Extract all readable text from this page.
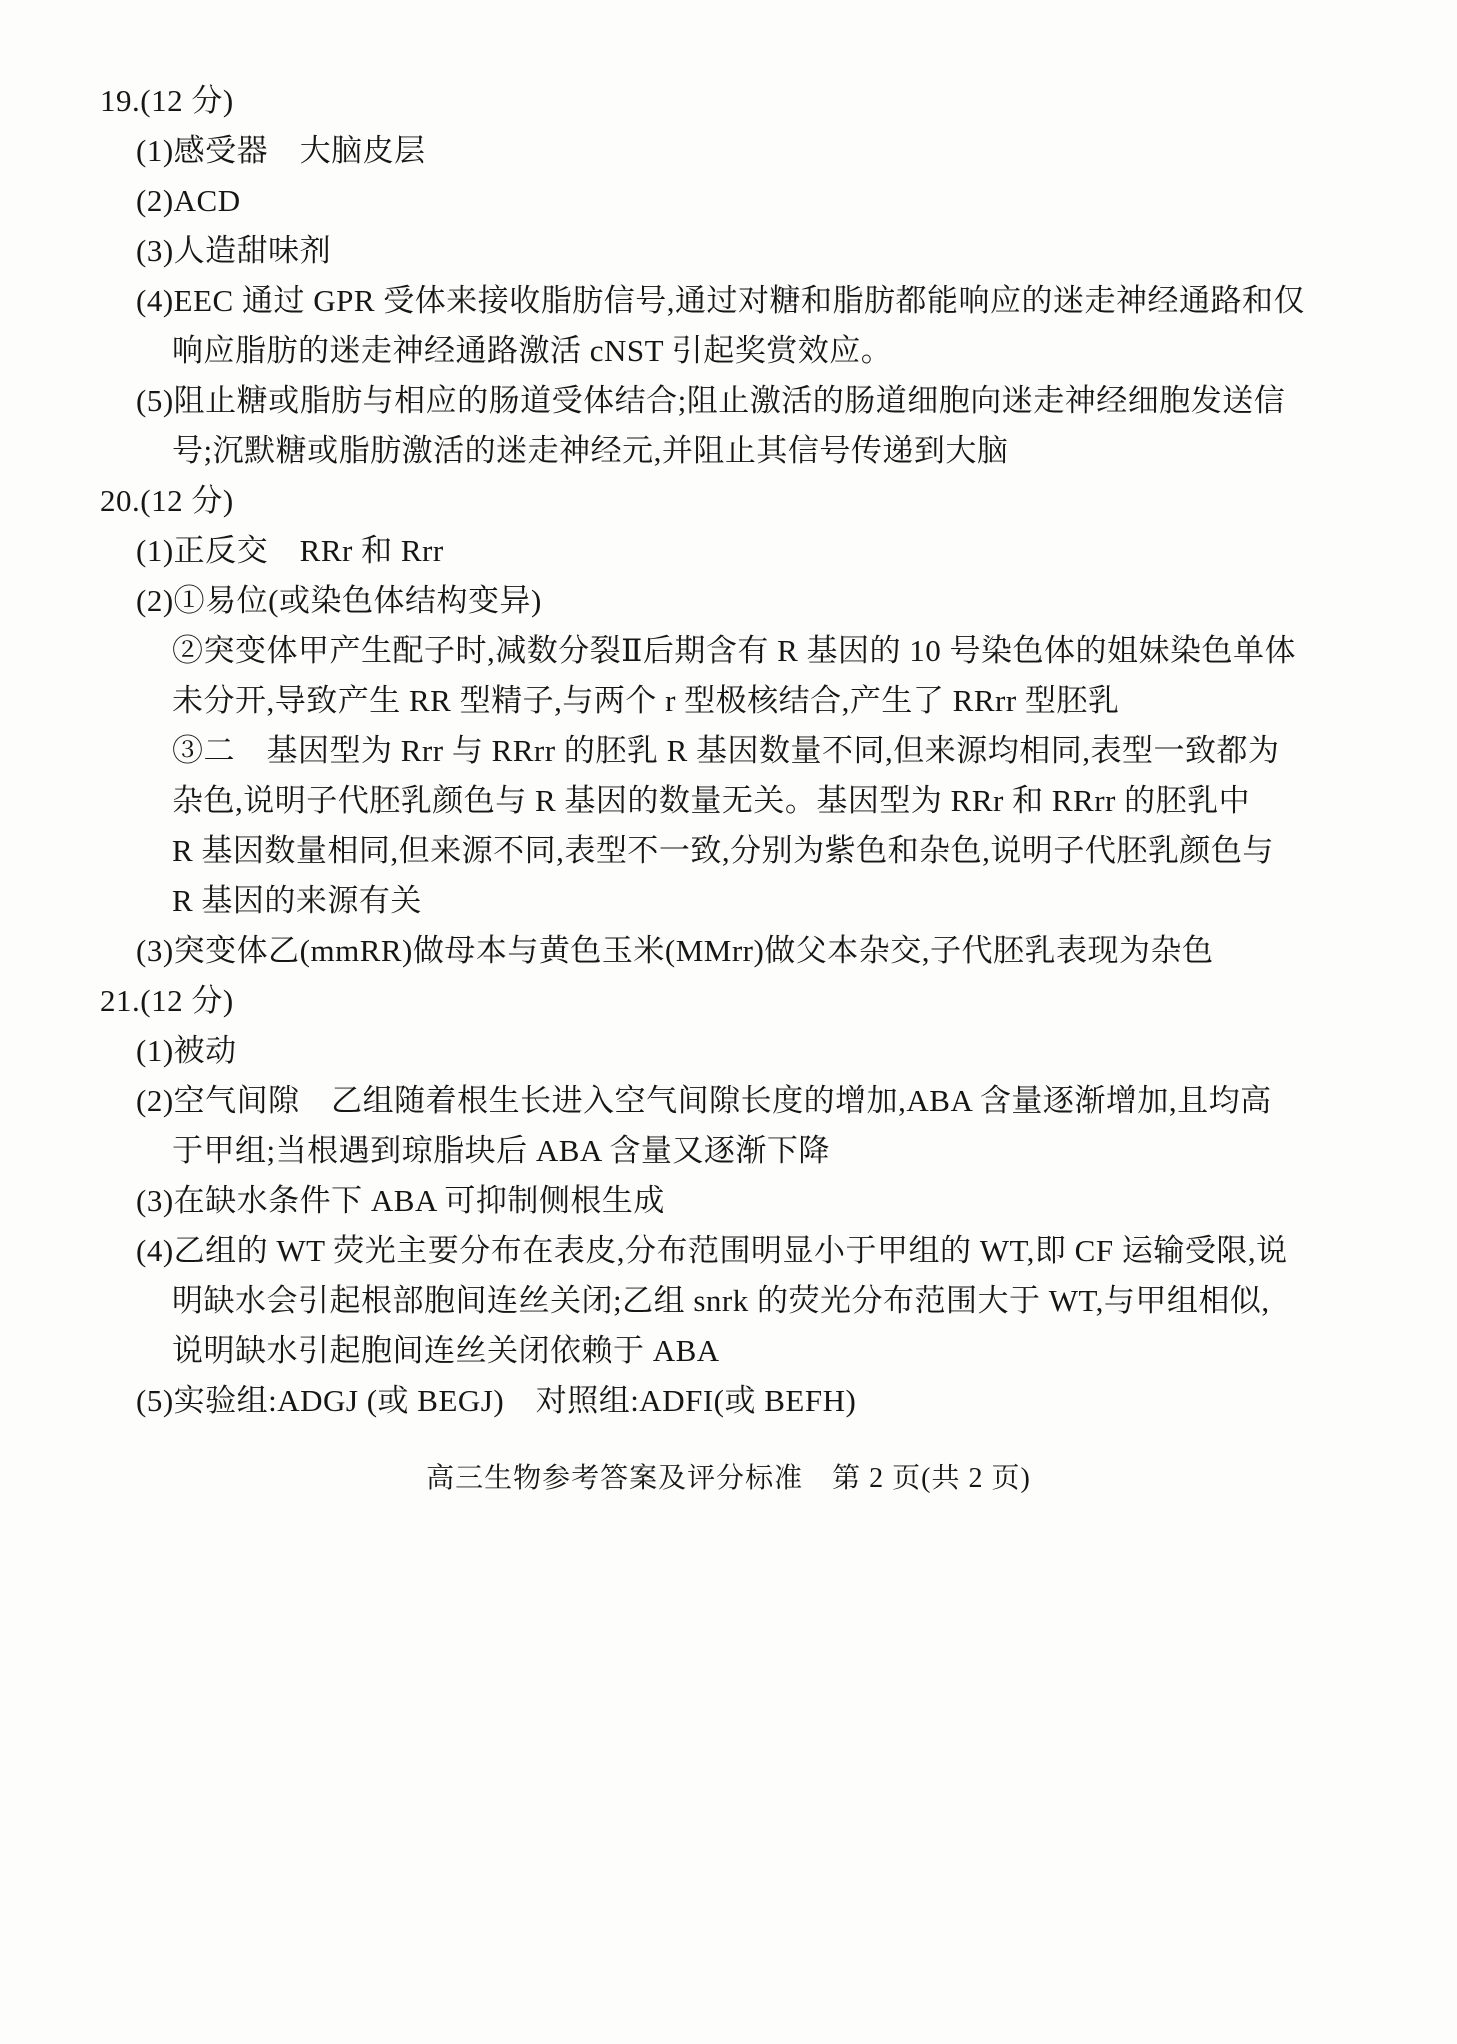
19.(12 分)
(1)感受器　大脑皮层
(2)ACD
(3)人造甜味剂
(4)EEC 通过 GPR 受体来接收脂肪信号,通过对糖和脂肪都能响应的迷走神经通路和仅
响应脂肪的迷走神经通路激活 cNST 引起奖赏效应。
(5)阻止糖或脂肪与相应的肠道受体结合;阻止激活的肠道细胞向迷走神经细胞发送信
号;沉默糖或脂肪激活的迷走神经元,并阻止其信号传递到大脑
20.(12 分)
(1)正反交　RRr 和 Rrr
(2)①易位(或染色体结构变异)
②突变体甲产生配子时,减数分裂Ⅱ后期含有 R 基因的 10 号染色体的姐妹染色单体
未分开,导致产生 RR 型精子,与两个 r 型极核结合,产生了 RRrr 型胚乳
③二　基因型为 Rrr 与 RRrr 的胚乳 R 基因数量不同,但来源均相同,表型一致都为
杂色,说明子代胚乳颜色与 R 基因的数量无关。基因型为 RRr 和 RRrr 的胚乳中
R 基因数量相同,但来源不同,表型不一致,分别为紫色和杂色,说明子代胚乳颜色与
R 基因的来源有关
(3)突变体乙(mmRR)做母本与黄色玉米(MMrr)做父本杂交,子代胚乳表现为杂色
21.(12 分)
(1)被动
(2)空气间隙　乙组随着根生长进入空气间隙长度的增加,ABA 含量逐渐增加,且均高
于甲组;当根遇到琼脂块后 ABA 含量又逐渐下降
(3)在缺水条件下 ABA 可抑制侧根生成
(4)乙组的 WT 荧光主要分布在表皮,分布范围明显小于甲组的 WT,即 CF 运输受限,说
明缺水会引起根部胞间连丝关闭;乙组 snrk 的荧光分布范围大于 WT,与甲组相似,
说明缺水引起胞间连丝关闭依赖于 ABA
(5)实验组:ADGJ (或 BEGJ)　对照组:ADFI(或 BEFH)
高三生物参考答案及评分标准　第 2 页(共 2 页)
